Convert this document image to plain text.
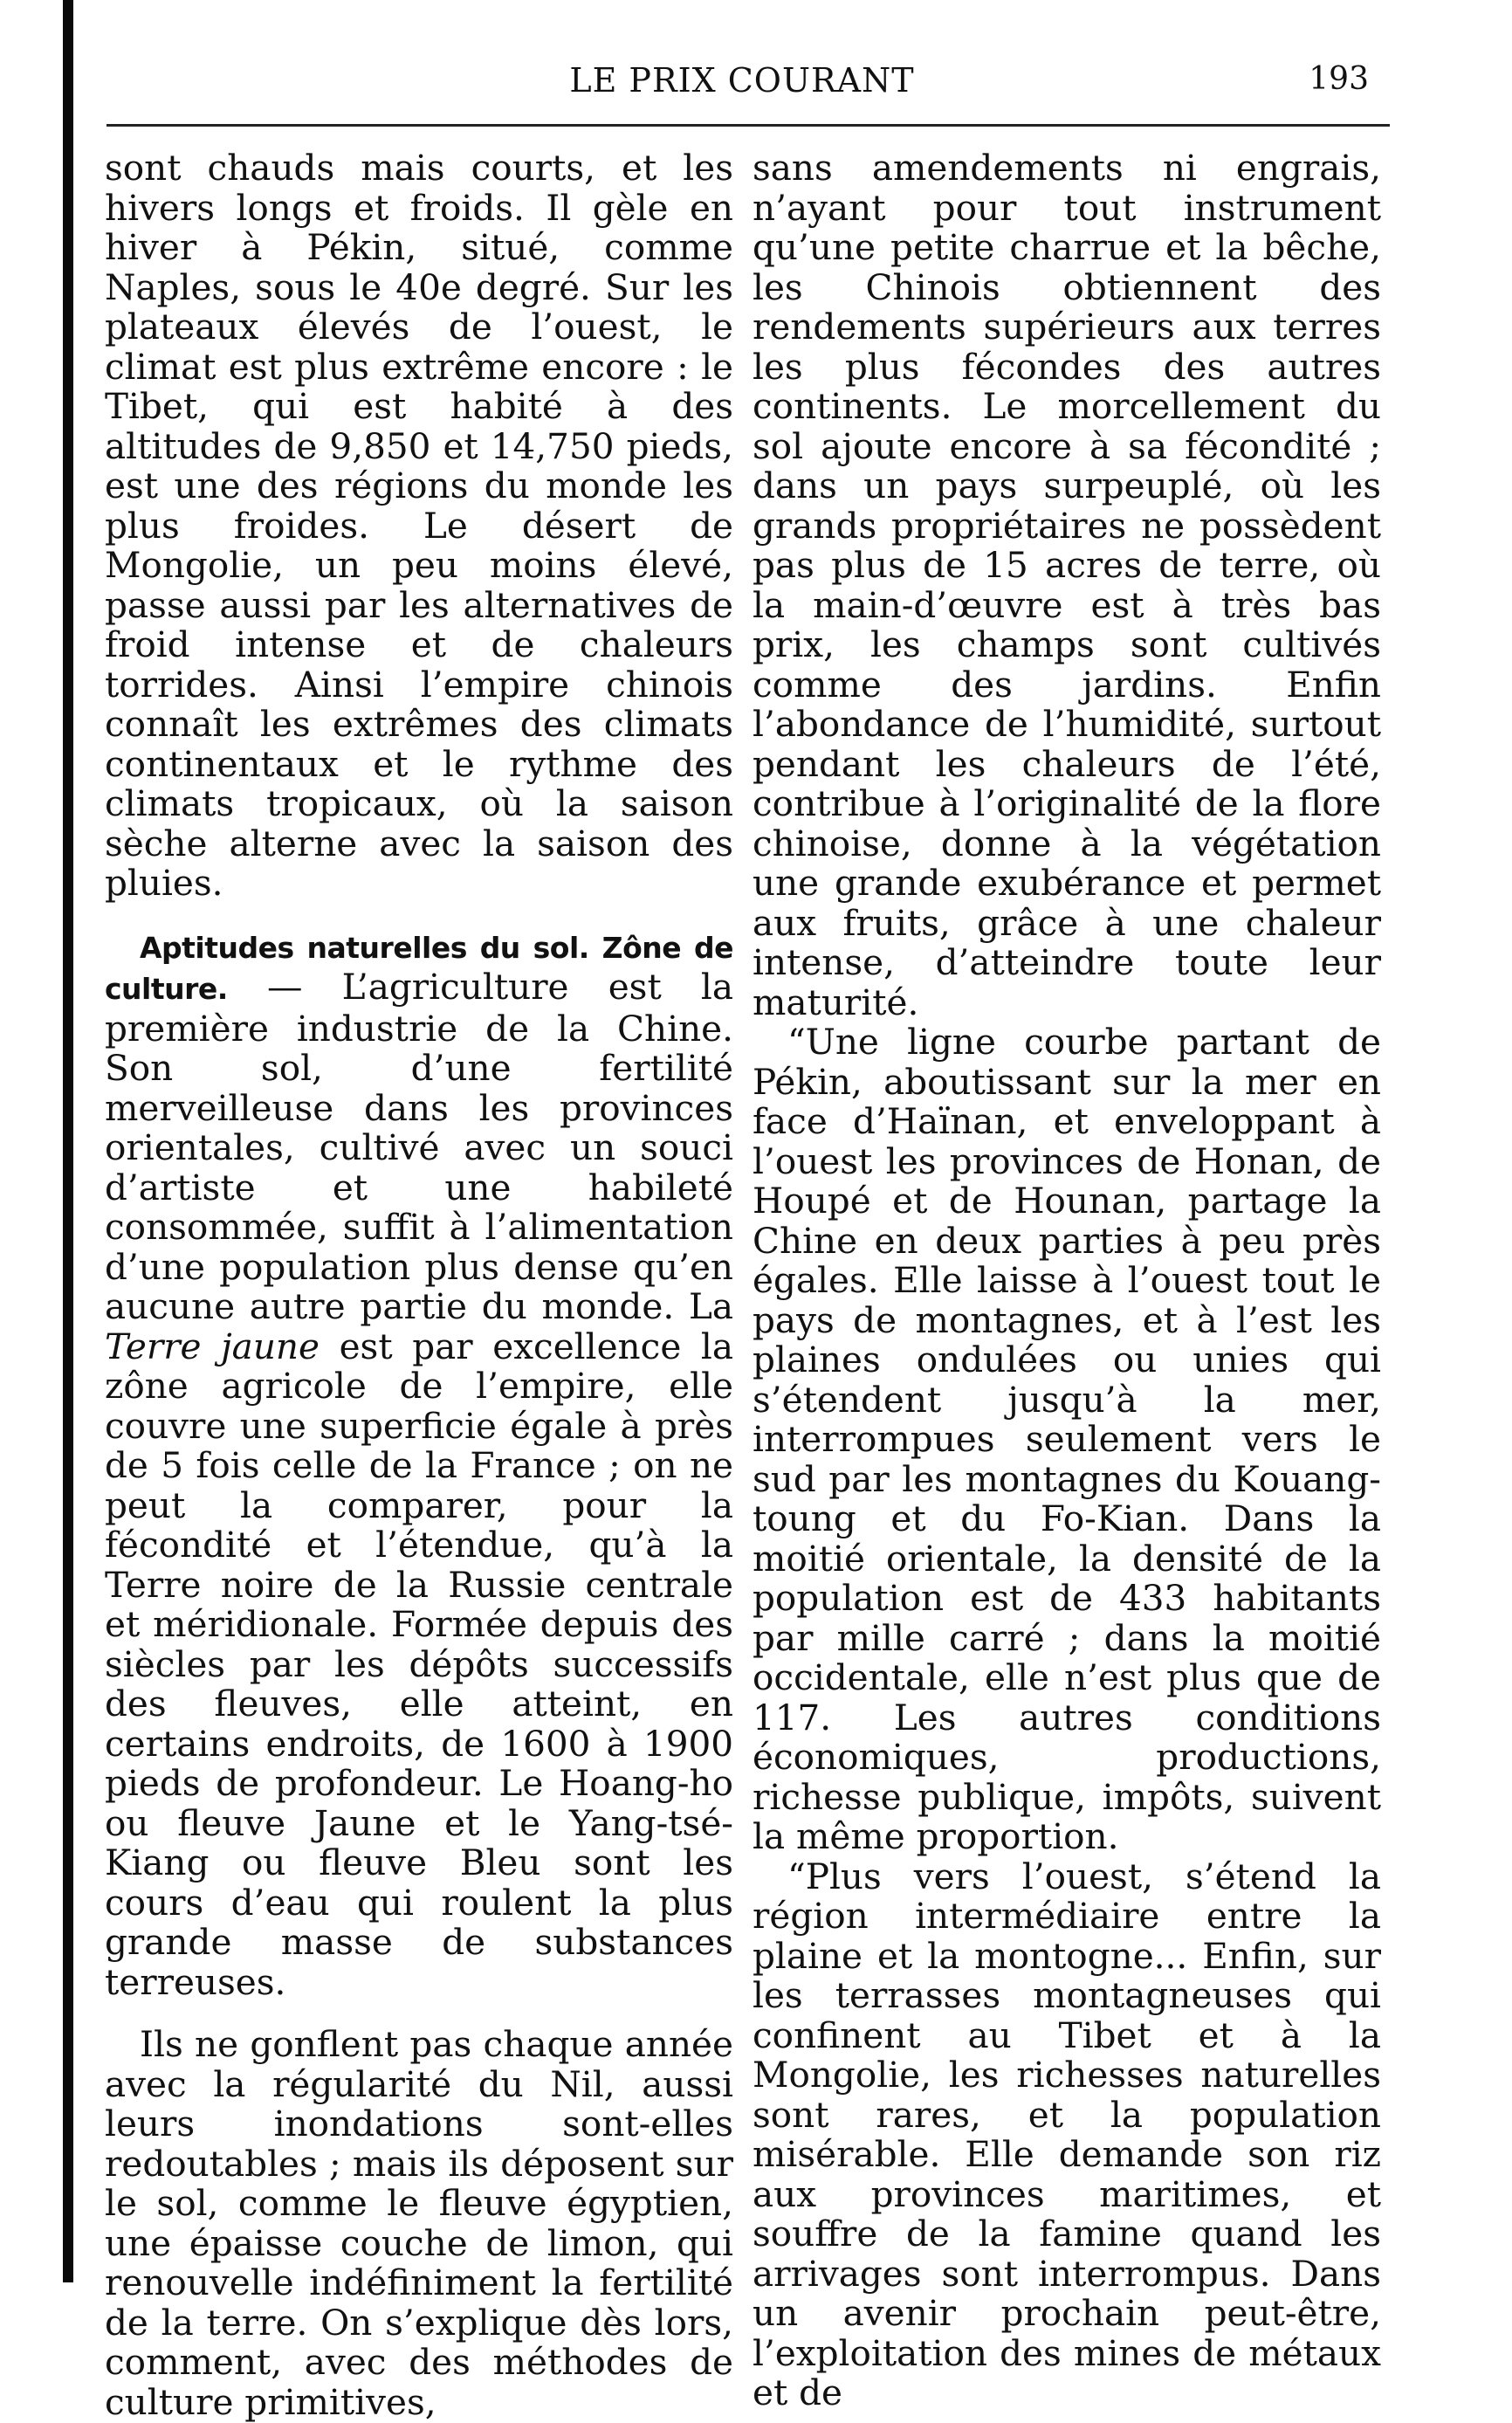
LE PRIX COURANT	193

sont chauds mais courts, et les hivers longs et froids. Il gèle en hiver à Pékin, situé, comme Naples, sous le 40e degré. Sur les plateaux élevés de l’ouest, le climat est plus extrême encore : le Tibet, qui est habité à des altitudes de 9,850 et 14,750 pieds, est une des régions du monde les plus froides. Le désert de Mongolie, un peu moins élevé, passe aussi par les alternatives de froid intense et de chaleurs torrides. Ainsi l’empire chinois connaît les extrêmes des climats continentaux et le rythme des climats tropicaux, où la saison sèche alterne avec la saison des pluies.

Aptitudes naturelles du sol. Zône de culture. — L’agriculture est la première industrie de la Chine. Son sol, d’une fertilité merveilleuse dans les provinces orientales, cultivé avec un souci d’artiste et une habileté consommée, suffit à l’alimentation d’une population plus dense qu’en aucune autre partie du monde. La Terre jaune est par excellence la zône agricole de l’empire, elle couvre une superficie égale à près de 5 fois celle de la France ; on ne peut la comparer, pour la fécondité et l’étendue, qu’à la Terre noire de la Russie centrale et méridionale. Formée depuis des siècles par les dépôts successifs des fleuves, elle atteint, en certains endroits, de 1600 à 1900 pieds de profondeur. Le Hoang-ho ou fleuve Jaune et le Yang-tsé-Kiang ou fleuve Bleu sont les cours d’eau qui roulent la plus grande masse de substances terreuses.

Ils ne gonflent pas chaque année avec la régularité du Nil, aussi leurs inondations sont-elles redoutables ; mais ils déposent sur le sol, comme le fleuve égyptien, une épaisse couche de limon, qui renouvelle indéfiniment la fertilité de la terre. On s’explique dès lors, comment, avec des méthodes de culture primitives,

sans amendements ni engrais, n’ayant pour tout instrument qu’une petite charrue et la bêche, les Chinois obtiennent des rendements supérieurs aux terres les plus fécondes des autres continents. Le morcellement du sol ajoute encore à sa fécondité ; dans un pays surpeuplé, où les grands propriétaires ne possèdent pas plus de 15 acres de terre, où la main-d’œuvre est à très bas prix, les champs sont cultivés comme des jardins. Enfin l’abondance de l’humidité, surtout pendant les chaleurs de l’été, contribue à l’originalité de la flore chinoise, donne à la végétation une grande exubérance et permet aux fruits, grâce à une chaleur intense, d’atteindre toute leur maturité.

“Une ligne courbe partant de Pékin, aboutissant sur la mer en face d’Haïnan, et enveloppant à l’ouest les provinces de Honan, de Houpé et de Hounan, partage la Chine en deux parties à peu près égales. Elle laisse à l’ouest tout le pays de montagnes, et à l’est les plaines ondulées ou unies qui s’étendent jusqu’à la mer, interrompues seulement vers le sud par les montagnes du Kouang-toung et du Fo-Kian. Dans la moitié orientale, la densité de la population est de 433 habitants par mille carré ; dans la moitié occidentale, elle n’est plus que de 117. Les autres conditions économiques, productions, richesse publique, impôts, suivent la même proportion.

“Plus vers l’ouest, s’étend la région intermédiaire entre la plaine et la montogne... Enfin, sur les terrasses montagneuses qui confinent au Tibet et à la Mongolie, les richesses naturelles sont rares, et la population misérable. Elle demande son riz aux provinces maritimes, et souffre de la famine quand les arrivages sont interrompus. Dans un avenir prochain peut-être, l’exploitation des mines de métaux et de
